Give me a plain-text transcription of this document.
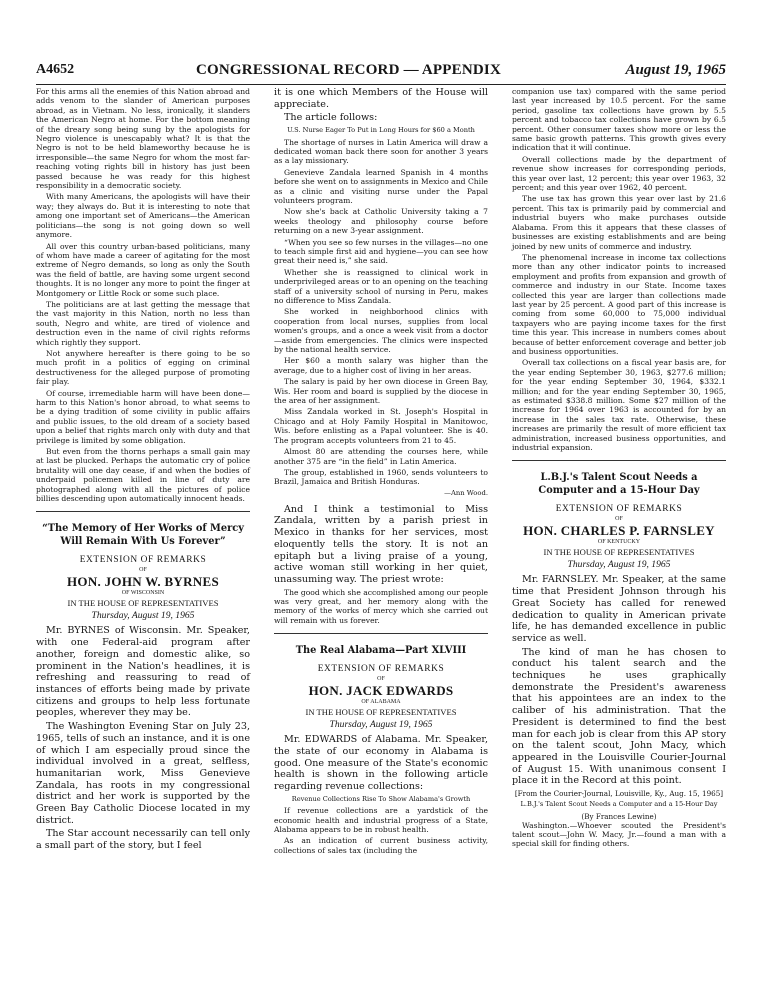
A4652	CONGRESSIONAL RECORD — APPENDIX	August 19, 1965

For this arms all the enemies of this Nation abroad and adds venom to the slander of American purposes abroad, as in Vietnam. No less, ironically, it slanders the American Negro at home. For the bottom meaning of the dreary song being sung by the apologists for Negro violence is unescapably what? It is that the Negro is not to be held blameworthy because he is irresponsible—the same Negro for whom the most far-reaching voting rights bill in history has just been passed because he was ready for this highest responsibility in a democratic society.

With many Americans, the apologists will have their way; they always do. But it is interesting to note that among one important set of Americans—the American politicians—the song is not going down so well anymore.

All over this country urban-based politicians, many of whom have made a career of agitating for the most extreme of Negro demands, so long as only the South was the field of battle, are having some urgent second thoughts. It is no longer any more to point the finger at Montgomery or Little Rock or some such place.

The politicians are at last getting the message that the vast majority in this Nation, north no less than south, Negro and white, are tired of violence and destruction even in the name of civil rights reforms which rightly they support.

Not anywhere hereafter is there going to be so much profit in a politics of egging on criminal destructiveness for the alleged purpose of promoting fair play.

Of course, irremediable harm will have been done—harm to this Nation's honor abroad, to what seems to be a dying tradition of some civility in public affairs and public issues, to the old dream of a society based upon a belief that rights march only with duty and that privilege is limited by some obligation.

But even from the thorns perhaps a small gain may at last be plucked. Perhaps the automatic cry of police brutality will one day cease, if and when the bodies of underpaid policemen killed in line of duty are photographed along with all the pictures of police billies descending upon automatically innocent heads.

“The Memory of Her Works of Mercy Will Remain With Us Forever”
EXTENSION OF REMARKS
OF
HON. JOHN W. BYRNES
OF WISCONSIN
IN THE HOUSE OF REPRESENTATIVES
Thursday, August 19, 1965

Mr. BYRNES of Wisconsin. Mr. Speaker, with one Federal-aid program after another, foreign and domestic alike, so prominent in the Nation's headlines, it is refreshing and reassuring to read of instances of efforts being made by private citizens and groups to help less fortunate peoples, wherever they may be.

The Washington Evening Star on July 23, 1965, tells of such an instance, and it is one of which I am especially proud since the individual involved in a great, selfless, humanitarian work, Miss Genevieve Zandala, has roots in my congressional district and her work is supported by the Green Bay Catholic Diocese located in my district.

The Star account necessarily can tell only a small part of the story, but I feel

it is one which Members of the House will appreciate.

The article follows:

U.S. Nurse Eager To Put in Long Hours for $60 a Month

The shortage of nurses in Latin America will draw a dedicated woman back there soon for another 3 years as a lay missionary.

Genevieve Zandala learned Spanish in 4 months before she went on to assignments in Mexico and Chile as a clinic and visiting nurse under the Papal volunteers program.

Now she's back at Catholic University taking a 7 weeks theology and philosophy course before returning on a new 3-year assignment.

“When you see so few nurses in the villages—no one to teach simple first aid and hygiene—you can see how great their need is,” she said.

Whether she is reassigned to clinical work in underprivileged areas or to an opening on the teaching staff of a university school of nursing in Peru, makes no difference to Miss Zandala.

She worked in neighborhood clinics with cooperation from local nurses, supplies from local women's groups, and a once a week visit from a doctor—aside from emergencies. The clinics were inspected by the national health service.

Her $60 a month salary was higher than the average, due to a higher cost of living in her areas.

The salary is paid by her own diocese in Green Bay, Wis. Her room and board is supplied by the diocese in the area of her assignment.

Miss Zandala worked in St. Joseph's Hospital in Chicago and at Holy Family Hospital in Manitowoc, Wis. before enlisting as a Papal volunteer. She is 40. The program accepts volunteers from 21 to 45.

Almost 80 are attending the courses here, while another 375 are “in the field” in Latin America.

The group, established in 1960, sends volunteers to Brazil, Jamaica and British Honduras.

—Ann Wood.

And I think a testimonial to Miss Zandala, written by a parish priest in Mexico in thanks for her services, most eloquently tells the story. It is not an epitaph but a living praise of a young, active woman still working in her quiet, unassuming way. The priest wrote:

The good which she accomplished among our people was very great, and her memory along with the memory of the works of mercy which she carried out will remain with us forever.

The Real Alabama—Part XLVIII
EXTENSION OF REMARKS
OF
HON. JACK EDWARDS
OF ALABAMA
IN THE HOUSE OF REPRESENTATIVES
Thursday, August 19, 1965

Mr. EDWARDS of Alabama. Mr. Speaker, the state of our economy in Alabama is good. One measure of the State's economic health is shown in the following article regarding revenue collections:

Revenue Collections Rise To Show Alabama's Growth

If revenue collections are a yardstick of the economic health and industrial progress of a State, Alabama appears to be in robust health.

As an indication of current business activity, collections of sales tax (including the

companion use tax) compared with the same period last year increased by 10.5 percent. For the same period, gasoline tax collections have grown by 5.5 percent and tobacco tax collections have grown by 6.5 percent. Other consumer taxes show more or less the same basic growth patterns. This growth gives every indication that it will continue.

Overall collections made by the department of revenue show increases for corresponding periods, this year over last, 12 percent; this year over 1963, 32 percent; and this year over 1962, 40 percent.

The use tax has grown this year over last by 21.6 percent. This tax is primarily paid by commercial and industrial buyers who make purchases outside Alabama. From this it appears that these classes of businesses are existing establishments and are being joined by new units of commerce and industry.

The phenomenal increase in income tax collections more than any other indicator points to increased employment and profits from expansion and growth of commerce and industry in our State. Income taxes collected this year are larger than collections made last year by 25 percent. A good part of this increase is coming from some 60,000 to 75,000 individual taxpayers who are paying income taxes for the first time this year. This increase in numbers comes about because of better enforcement coverage and better job and business opportunities.

Overall tax collections on a fiscal year basis are, for the year ending September 30, 1963, $277.6 million; for the year ending September 30, 1964, $332.1 million; and for the year ending September 30, 1965, as estimated $338.8 million. Some $27 million of the increase for 1964 over 1963 is accounted for by an increase in the sales tax rate. Otherwise, these increases are primarily the result of more efficient tax administration, increased business opportunities, and industrial expansion.

L.B.J.'s Talent Scout Needs a Computer and a 15-Hour Day
EXTENSION OF REMARKS
OF
HON. CHARLES P. FARNSLEY
OF KENTUCKY
IN THE HOUSE OF REPRESENTATIVES
Thursday, August 19, 1965

Mr. FARNSLEY. Mr. Speaker, at the same time that President Johnson through his Great Society has called for renewed dedication to quality in American private life, he has demanded excellence in public service as well.

The kind of man he has chosen to conduct his talent search and the techniques he uses graphically demonstrate the President's awareness that his appointees are an index to the caliber of his administration. That the President is determined to find the best man for each job is clear from this AP story on the talent scout, John Macy, which appeared in the Louisville Courier-Journal of August 15. With unanimous consent I place it in the Record at this point.

[From the Courier-Journal, Louisville, Ky., Aug. 15, 1965]
L.B.J.'s Talent Scout Needs a Computer and a 15-Hour Day
(By Frances Lewine)

Washington.—Whoever scouted the President's talent scout—John W. Macy, Jr.—found a man with a special skill for finding others.
